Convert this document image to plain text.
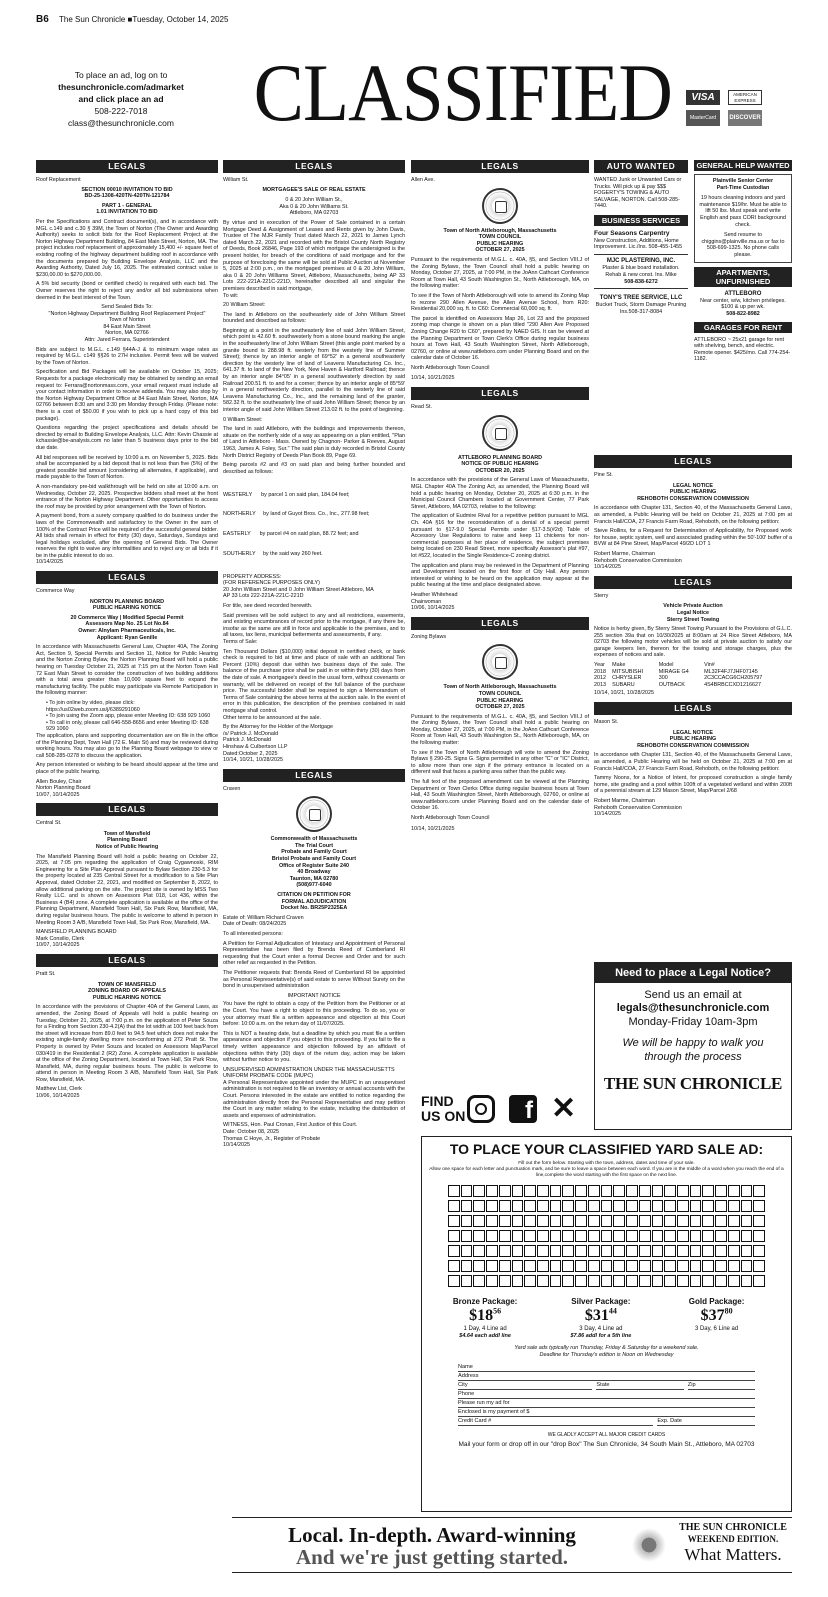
B6 The Sun Chronicle ■Tuesday, October 14, 2025
To place an ad, log on to
thesunchronicle.com/admarket
and click place an ad
508-222-7018
class@thesunchronicle.com CLASSIFIED	VISA	AMERICAN EXPRESS
MasterCard	DISCOVER
LEGALS
Roof Replacement
SECTION 00010 INVITATION TO BID
BD-25-1308-420TN-420TN-121784
PART 1 - GENERAL
1.01 INVITATION TO BID

Per the Specifications and Contract document(s), and in accordance with MGL c.149 and c.30 § 39M, the Town of Norton (The Owner and Awarding Authority) seeks to solicit bids for the Roof Replacement Project at the Norton Highway Department Building, 84 East Main Street, Norton, MA. The project includes roof replacement of approximately 15,400 +/- square feet of existing roofing of the highway department building roof in accordance with the documents prepared by Building Envelope Analysis, LLC and the Awarding Authority, Dated July 16, 2025. The estimated contract value is $230,00.00 to $270,000.00.

A 5% bid security (bond or certified check) is required with each bid. The Owner reserves the right to reject any and/or all bid submissions when deemed in the best interest of the Town.

Send Sealed Bids To:
"Norton Highway Department Building Roof Replacement Project"
Town of Norton
84 East Main Street
Norton, MA 02766
Attn: Jared Ferrara, Superintendent

Bids are subject to M.G.L. c.149 §44A-J & to minimum wage rates as required by M.G.L. c149 §§26 to 27H inclusive. Permit fees will be waived by the Town of Norton.

Specification and Bid Packages will be available on October 15, 2025; Requests for a package electronically may be obtained by sending an email request to: Ferrara@nortonmass.com, your email request must include all your contact information in order to receive addenda. You may also stop by the Norton Highway Department Office at 84 East Main Street, Norton, MA 02766 between 8:30 am and 3:30 pm Monday through Friday. (Please note: there is a cost of $50.00 if you wish to pick up a hard copy of this bid package).

Questions regarding the project specifications and details should be directed by email to Building Envelope Analysis, LLC. Attn: Kevin Chassie at kchassie@be-analysis.com no later than 5 business days prior to the bid due date.

All bid responses will be received by 10:00 a.m. on November 5, 2025. Bids shall be accompanied by a bid deposit that is not less than five (5%) of the greatest possible bid amount (considering all alternates, if applicable), and made payable to the Town of Norton.

A non-mandatory pre-bid walkthrough will be held on site at 10:00 a.m. on Wednesday, October 22, 2025. Prospective bidders shall meet at the front entrance of the Norton Highway Department. Other opportunities to access the roof may be provided by prior arrangement with the Town of Norton.

A payment bond, from a surety company qualified to do business under the laws of the Commonwealth and satisfactory to the Owner in the sum of 100% of the Contract Price will be required of the successful general bidder. All bids shall remain in effect for thirty (30) days, Saturdays, Sundays and legal holidays excluded, after the opening of General Bids. The Owner reserves the right to waive any informalities and to reject any or all bids if it be in the public interest to do so.

10/14/2025
LEGALS
Commerce Way
NORTON PLANNING BOARD
PUBLIC HEARING NOTICE
20 Commerce Way | Modified Special Permit
Assessors Map No. 25 Lot No.84
Owner: Alnylam Pharmaceuticals, Inc.
Applicant: Ryan Genille

In accordance with Massachusetts General Law, Chapter 40A, The Zoning Act, Section 9, Special Permits and Section 11, Notice for Public Hearing and the Norton Zoning Bylaw, the Norton Planning Board will hold a public hearing on Tuesday October 21, 2025 at 7:15 pm at the Norton Town Hall 72 East Main Street to consider the construction of two building additions with a total area greater than 10,000 square feet to expand the manufacturing facility. The public may participate via Remote Participation in the following manner:

• To join online by video, please click: https://us02web.zoom.us/j/6389291060
• To join using the Zoom app, please enter Meeting ID: 638 929 1060
• To call in only, please call 646-558-8656 and enter Meeting ID: 638 929 1060

The application, plans and supporting documentation are on file in the office of the Planning Dept, Town Hall (72 E. Main St) and may be reviewed during working hours. You may also go to the Planning Board webpage to view or call 508-285-0278 to discuss the application.

Any person interested or wishing to be heard should appear at the time and place of the public hearing.

Allen Bouley, Chair
Norton Planning Board
10/07, 10/14/2025
LEGALS
Central St.
Town of Mansfield
Planning Board
Notice of Public Hearing

The Mansfield Planning Board will hold a public hearing on October 22, 2025, at 7:05 pm regarding the application of Craig Cygawnoski, RIM Engineering for a Site Plan Approval pursuant to Bylaw Section 230-5.3 for the property located at 235 Central Street for a modification to a Site Plan Approval, dated October 22, 2021, and modified on September 8, 2022, to allow additional parking on the site. The project site is owned by MSS Two Realty LLC. and is shown on Assessors Plat 018, Lot 436, within the Business 4 (B4) zone. A complete application is available at the office of the Planning Department, Mansfield Town Hall, Six Park Row, Mansfield, MA, during regular business hours. The public is welcome to attend in person in Meeting Room 3 A/B, Mansfield Town Hall, Six Park Row, Mansfield, MA.

MANSFIELD PLANNING BOARD
Mark Consilio, Clerk
10/07, 10/14/2025
LEGALS
Pratt St.
TOWN OF MANSFIELD
ZONING BOARD OF APPEALS
PUBLIC HEARING NOTICE

In accordance with the provisions of Chapter 40A of the General Laws, as amended, the Zoning Board of Appeals will hold a public hearing on Tuesday, October 21, 2025, at 7:00 p.m. on the application of Peter Souza for a Finding from Section 230-4.2(A) that the lot width at 100 feet back from the street will increase from 89.0 feet to 94.5 feet which does not make the existing single-family dwelling more non-conforming at 272 Pratt St. The Property is owned by Peter Souza and located on Assessors Map/Parcel 030/419 in the Residential 2 (R2) Zone. A complete application is available at the office of the Zoning Department, located at Town Hall, Six Park Row, Mansfield, MA, during regular business hours. The public is welcome to attend in person in Meeting Room 3 A/B, Mansfield Town Hall, Six Park Row, Mansfield, MA.

Matthew List, Clerk
10/06, 10/14/2025
LEGALS
William St.
MORTGAGEE'S SALE OF REAL ESTATE
0 & 20 John William St.,
Aka 0 & 20 John Williams St.
Attleboro, MA 02703

By virtue and in execution of the Power of Sale contained in a certain Mortgage Deed & Assignment of Leases and Rents given by John Davis, Trustee of The MJR Family Trust dated March 22, 2021 to James Lynch dated March 22, 2021 and recorded with the Bristol County North Registry of Deeds, Book 26846, Page 193 of which mortgage the undersigned is the present holder, for breach of the conditions of said mortgage and for the purpose of foreclosing the same will be sold at Public Auction at November 5, 2025 at 2:00 p.m., on the mortgaged premises at 0 & 20 John William, aka 0 & 20 John Williams Street, Attleboro, Massachusetts, being AP 33 Lots 222-221A-221C-221D, hereinafter described all and singular the premises described in said mortgage,

To wit:

20 William Street:

The land in Attleboro on the southeasterly side of John William Street bounded and described as follows:

Beginning at a point in the southeasterly line of said John William Street, which point is 42.60 ft. southwesterly from a stone bound marking the angle in the southeasterly line of John William Street (this angle point marked by a granite bound is 288.98 ft. westerly from the westerly line of Summer Street); thence by an interior angle of 69°52' in a general southeasterly direction by the westerly line of land of Leavens Manufacturing Co. Inc., 641.37 ft. to land of the New York, New Haven & Hartford Railroad; thence by an interior angle 84°05' in a general southwesterly direction by said Railroad 200.51 ft. to and for a corner; thence by an interior angle of 85°59' in a general northwesterly direction, parallel to the westerly line of said Leavens Manufacturing Co., Inc., and the remaining land of the granter, 582.32 ft. to the southeasterly line of said John William Street; thence by an interior angle of said John William Street 213.02 ft. to the point of beginning.

0 William Street:

The land in said Attleboro, with the buildings and improvements thereon, situate on the northerly side of a way as appearing on a plan entitled, "Plan of Land in Attleboro - Mass. Owned by Chagnon- Parker & Reeves, August 1963, James A. Foley, Sur." The said plan is duly recorded in Bristol County North District Registry of Deeds Plan Book 89, Page 69.

Being parcels #2 and #3 on said plan and being further bounded and described as follows:

WESTERLY      by parcel 1 on said plan, 184.04 feet;

NORTHERLY     by land of Guyot Bros. Co., Inc., 277.98 feet;

EASTERLY      by parcel #4 on said plan, 88.72 feet; and

SOUTHERLY     by the said way 260 feet.

PROPERTY ADDRESS:
(FOR REFERENCE PURPOSES ONLY)
20 John William Street and 0 John William Street Attleboro, MA
AP 33 Lots 222-221A-221C-221D

For title, see deed recorded herewith.

Said premises will be sold subject to any and all restrictions, easements, and existing encumbrances of record prior to the mortgage, if any there be, insofar as the same are still in force and applicable to the premises, and to all taxes, tax liens, municipal betterments and assessments, if any.

Terms of Sale:

Ten Thousand Dollars ($10,000) initial deposit in certified check, or bank check is required to bid at time and place of sale with an additional Ten Percent (10%) deposit due within two business days of the sale. The balance of the purchase price shall be paid in or within thirty (30) days from the date of sale. A mortgagee's deed in the usual form, without covenants or warranty, will be delivered on receipt of the full balance of the purchase price. The successful bidder shall be required to sign a Memorandum of Terms of Sale containing the above terms at the auction sale. In the event of error in this publication, the description of the premises contained in said mortgage shall control.

Other terms to be announced at the sale.
By the Attorney for the Holder of the Mortgage
/s/ Patrick J. McDonald
Patrick J. McDonald
Hinshaw & Culbertson LLP
Dated:October 2, 2025
10/14, 10/21, 10/28/2025
LEGALS
Craven
Commonwealth of Massachusetts
The Trial Court
Probate and Family Court
Bristol Probate and Family Court
Office of Register Suite 240
40 Broadway
Taunton, MA 02780
(508)977-6040
CITATION ON PETITION FOR
FORMAL ADJUDICATION
Docket No. BR25P2325EA
Estate of: William Richard Craven
Date of Death: 08/24/2025

To all interested persons:

A Petition for Formal Adjudication of Intestacy and Appointment of Personal Representative has been filed by Brenda Reed of Cumberland RI requesting that the Court enter a formal Decree and Order and for such other relief as requested in the Petition.

The Petitioner requests that: Brenda Reed of Cumberland RI be appointed as Personal Representative(s) of said estate to serve Without Surety on the bond in unsupervised administration

IMPORTANT NOTICE

You have the right to obtain a copy of the Petition from the Petitioner or at the Court. You have a right to object to this proceeding. To do so, you or your attorney must file a written appearance and objection at this Court before: 10:00 a.m. on the return day of 11/07/2025.

This is NOT a hearing date, but a deadline by which you must file a written appearance and objection if you object to this proceeding. If you fail to file a timely written appearance and objection followed by an affidavit of objections within thirty (30) days of the return day, action may be taken without further notice to you.

UNSUPERVISED ADMINISTRATION UNDER THE MASSACHUSETTS UNIFORM PROBATE CODE (MUPC)

A Personal Representative appointed under the MUPC in an unsupervised administration is not required to file an inventory or annual accounts with the Court. Persons interested in the estate are entitled to notice regarding the administration directly from the Personal Representative and may petition the Court in any matter relating to the estate, including the distribution of assets and expenses of administration.

WITNESS, Hon. Paul Cronan, First Justice of this Court.
Date: October 08, 2025
Thomas C Hoye, Jr., Register of Probate
10/14/2025
LEGALS
Allen Ave.
Town of North Attleborough, Massachusetts
TOWN COUNCIL
PUBLIC HEARING
OCTOBER 27, 2025

Pursuant to the requirements of M.G.L. c. 40A, §5, and Section VIII.J of the Zoning Bylaws, the Town Council shall hold a public hearing on Monday, October 27, 2025, at 7:00 PM, in the JoAnn Cathcart Conference Room at Town Hall, 43 South Washington St., North Attleborough, MA, on the following matter:

To see if the Town of North Attleborough will vote to amend its Zoning Map to rezone 290 Allen Avenue, the Allen Avenue School, from R20: Residential 20,000 sq. ft. to C60: Commercial 60,000 sq. ft.

The parcel is identified on Assessors Map 26, Lot 23 and the proposed zoning map change is shown on a plan titled "290 Allen Ave Proposed Zoning Change R20 to C60", prepared by NAED GIS. It can be viewed at the Planning Department or Town Clerk's Office during regular business hours at Town Hall, 43 South Washington Street, North Attleborough, 02760, or online at www.nattleboro.com under Planning Board and on the calendar date of October 16.

North Attleborough Town Council
10/14, 10/21/2025
LEGALS
Read St.
ATTLEBORO PLANNING BOARD
NOTICE OF PUBLIC HEARING
OCTOBER 20, 2025

In accordance with the provisions of the General Laws of Massachusetts, MGL Chapter 40A The Zoning Act, as amended, the Planning Board will hold a public hearing on Monday, October 20, 2025 at 6:30 p.m. in the Municipal Council Chambers located at Government Center, 77 Park Street, Attleboro, MA 02703, relative to the following:

The application of Eudmire Rival for a repetitive petition pursuant to MGL Ch. 40A §16 for the reconsideration of a denial of a special permit pursuant to §17-9.0 Special Permits under §17-3.5(#2d) Table of Accessory Use Regulations to raise and keep 11 chickens for non-commercial purposes at her place of residence, the subject premises being located on 230 Read Street, more specifically Assessor's plat #97, lot #522, located in the Single Residence-C zoning district.

The application and plans may be reviewed in the Department of Planning and Development located on the first floor of City Hall. Any person interested or wishing to be heard on the application may appear at the public hearing at the time and place designated above.

Heather Whitehead
Chairwoman
10/06, 10/14/2025
LEGALS
Zoning Bylaws
Town of North Attleborough, Massachusetts
TOWN COUNCIL
PUBLIC HEARING
OCTOBER 27, 2025

Pursuant to the requirements of M.G.L. c. 40A, §5, and Section VIII.J of the Zoning Bylaws, the Town Council shall hold a public hearing on Monday, October 27, 2025, at 7:00 PM, in the JoAnn Cathcart Conference Room at Town Hall, 43 South Washington St., North Attleborough, MA, on the following matter:

To see if the Town of North Attleborough will vote to amend the Zoning Bylaws § 290-25. Signs G. Signs permitted in any other "C" or "IC" District, to allow more than one sign if the primary entrance is located on a different wall that faces a parking area rather than the public way.

The full text of the proposed amendment can be viewed at the Planning Department or Town Clerks Office during regular business hours at Town Hall, 43 South Washington Street, North Attleborough, 02760, or online at www.nattleboro.com under Planning Board and on the calendar date of October 16.

North Attleborough Town Council
10/14, 10/21/2025
FIND
US ON	f ✕
AUTO WANTED

WANTED Junk or Unwanted Cars or Trucks. Will pick up & pay $$$ FOGERTY'S TOWING & AUTO SALVAGE, NORTON. Call 508-285-7440.

BUSINESS SERVICES
Four Seasons Carpentry

New Construction, Additions, Home Improvement. Lic./Ins. 508-455-1455

MJC PLASTERING, INC.
Plaster & blue board installation. Rehab & new const. Ins. Mike
508-838-6272
TONY'S TREE SERVICE, LLC
Bucket Truck, Storm Damage Pruning Ins.508-317-8084
GENERAL HELP WANTED
Plainville Senior Center
Part-Time Custodian
19 hours cleaning indoors and yard maintenance $19/hr. Must be able to lift 50 lbs. Must speak and write English and pass CORI background check.
Send resume to chiggins@plainville.ma.us or fax to 508-699-1325. No phone calls please.
APARTMENTS, UNFURNISHED
ATTLEBORO
Near center, w/w, kitchen privileges. $100 & up per wk.
508-822-8982
GARAGES FOR RENT

ATTLEBORO ~ 25x21 garage for rent with shelving, bench, and electric. Remote opener. $425/mo. Call 774-254-1182.

LEGALS
Pine St.
LEGAL NOTICE
PUBLIC HEARING
REHOBOTH CONSERVATION COMMISSION

In accordance with Chapter 131, Section 40, of the Massachusetts General Laws, as amended, a Public Hearing will be held on October 21, 2025 at 7:00 pm at Francis Hall/COA, 27 Francis Farm Road, Rehoboth, on the following petition:

Steve Rollins, for a Request for Determination of Applicability, for Proposed work for house, septic system, well and associated grading within the 50'-100' buffer of a BVW at 84 Pine Street, Map/Parcel 49/2D LOT 1

Robert Marme, Chairman
Rehoboth Conservation Commission
10/14/2025
LEGALS
Sterry
Vehicle Private Auction
Legal Notice
Sterry Street Towing

Notice is herby given, By Sterry Street Towing Pursuant to the Provisions of G.L.C. 255 section 39a that on 10/30/2025 at 8:00am at 24 Rice Street Attleboro, MA 02703 the following motor vehicles will be sold at private auction to satisfy our garage keepers lien, thereon for the towing and storage charges, plus the expenses of notices and sale.

Year	Make	Model	Vin#
2018	MITSUBISHI	MIRAGE G4	ML32F4FJ7JHF07145
2012	CHRYSLER	300	2C3CCACG6CH205797
2013	SUBARU	OUTBACK	4S4BRBCCXD1216627
10/14, 10/21, 10/28/2025
LEGALS
Mason St.
LEGAL NOTICE
PUBLIC HEARING
REHOBOTH CONSERVATION COMMISSION

In accordance with Chapter 131, Section 40, of the Massachusetts General Laws, as amended, a Public Hearing will be held on October 21, 2025 at 7:00 pm at Francis Hall/COA, 27 Francis Farm Road, Rehoboth, on the following petition:

Tammy Noons, for a Notice of Intent, for proposed construction a single family home, site grading and a pool within 100ft of a vegetated wetland and within 200ft of a perennial stream at 129 Mason Street, Map/Parcel 2/68

Robert Marme, Chairman
Rehoboth Conservation Commission
10/14/2025
Need to place a Legal Notice?
Send us an email at
legals@thesunchronicle.com
Monday-Friday 10am-3pm
We will be happy to walk you through the process
THE SUN CHRONICLE
TO PLACE YOUR CLASSIFIED YARD SALE AD:
Fill out the form below. Starting with the town, address, dates and time of your sale.
Allow one space for each letter and punctuation mark, and be sure to leave a space between each word. If you are in the middle of a word when you reach the end of a line,complete the word starting with the first space on the next line.
Bronze Package:
$\$18^{56}$
1 Day, 4 Line ad
$4.64 each addl line

Silver Package:
$\$31^{44}$
3 Day, 4 Line ad
$7.86 addl for a 5th line

Gold Package:
$\$37^{80}$
3 Day, 6 Line ad
Yard sale ads typically run Thursday, Friday & Saturday for a weekend sale.
Deadline for Thursday's edition is Noon on Wednesday
Name
Address
City	State	Zip
Phone
Please run my ad for
Enclosed is my payment of $
Credit Card #	Exp. Date
WE GLADLY ACCEPT ALL MAJOR CREDIT CARDS
Mail your form or drop off in our "drop Box" The Sun Chronicle, 34 South Main St., Attleboro, MA 02703
Local. In-depth. Award-winning
And we're just getting started.
THE SUN CHRONICLE
WEEKEND EDITION.
What Matters.
